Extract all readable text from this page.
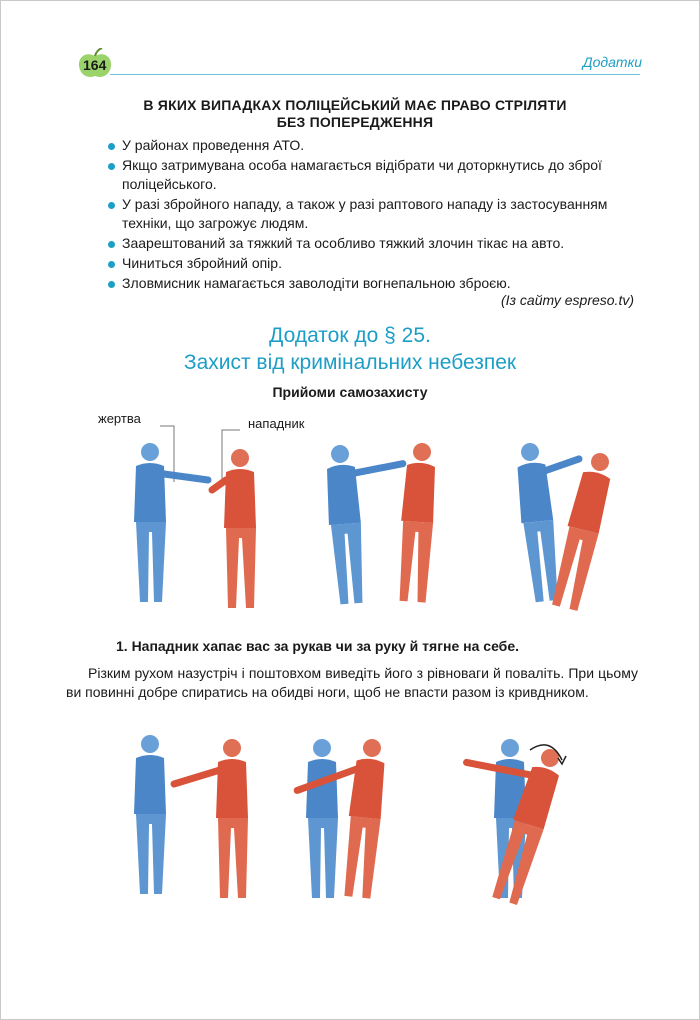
164	Додатки
В ЯКИХ ВИПАДКАХ ПОЛІЦЕЙСЬКИЙ МАЄ ПРАВО СТРІЛЯТИ
БЕЗ ПОПЕРЕДЖЕННЯ
У районах проведення АТО.
Якщо затримувана особа намагається відібрати чи доторкнутись до зброї поліцейського.
У разі збройного нападу, а також у разі раптового нападу із застосуванням техніки, що загрожує людям.
Заарештований за тяжкий та особливо тяжкий злочин тікає на авто.
Чиниться збройний опір.
Зловмисник намагається заволодіти вогнепальною зброєю.
(Із сайту espreso.tv)
Додаток до § 25.
Захист від кримінальних небезпек
Прийоми самозахисту
жертва	нападник
1. Нападник хапає вас за рукав чи за руку й тягне на себе.
Різким рухом назустріч і поштовхом виведіть його з рівноваги й поваліть. При цьому ви повинні добре спиратись на обидві ноги, щоб не впасти разом із кривдником.
